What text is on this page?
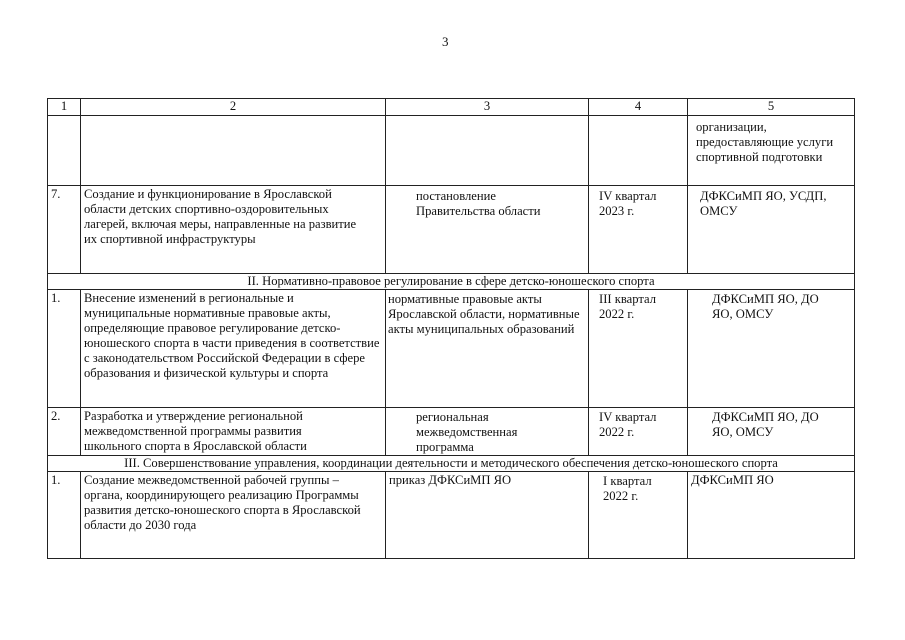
3
1	2	3	4	5
				организации, предоставляющие услуги спортивной подготовки
7.	Создание и функционирование в Ярославской области детских спортивно-оздоровительных лагерей, включая меры, направленные на развитие их спортивной инфраструктуры	постановление Правительства области	IV квартал 2023 г.	ДФКСиМП ЯО, УСДП, ОМСУ
II. Нормативно-правовое регулирование в сфере детско-юношеского спорта				
1.	Внесение изменений в региональные и муниципальные нормативные правовые акты, определяющие правовое регулирование детско-юношеского спорта в части приведения в соответствие с законодательством Российской Федерации в сфере образования и физической культуры и спорта	нормативные правовые акты Ярославской области, нормативные акты муниципальных образований	III квартал 2022 г.	ДФКСиМП ЯО, ДО ЯО, ОМСУ
2.	Разработка и утверждение региональной межведомственной программы развития школьного спорта в Ярославской области	региональная межведомственная программа	IV квартал 2022 г.	ДФКСиМП ЯО, ДО ЯО, ОМСУ
III. Совершенствование управления, координации деятельности и методического обеспечения детско-юношеского спорта				
1.	Создание межведомственной рабочей группы – органа, координирующего реализацию Программы развития детско-юношеского спорта в Ярославской области до 2030 года	приказ ДФКСиМП ЯО	I квартал 2022 г.	ДФКСиМП ЯО
